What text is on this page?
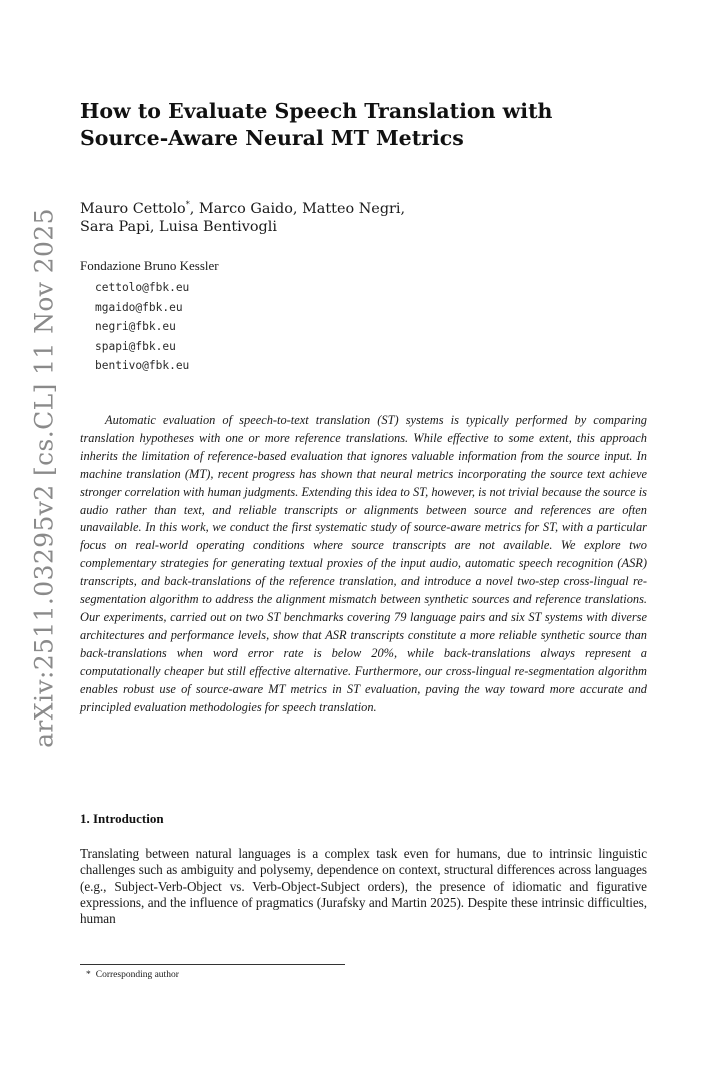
arXiv:2511.03295v2 [cs.CL] 11 Nov 2025
How to Evaluate Speech Translation with
Source-Aware Neural MT Metrics
Mauro Cettolo*, Marco Gaido, Matteo Negri,
Sara Papi, Luisa Bentivogli
Fondazione Bruno Kessler
cettolo@fbk.eu
mgaido@fbk.eu
negri@fbk.eu
spapi@fbk.eu
bentivo@fbk.eu

Automatic evaluation of speech-to-text translation (ST) systems is typically performed by comparing translation hypotheses with one or more reference translations. While effective to some extent, this approach inherits the limitation of reference-based evaluation that ignores valuable information from the source input. In machine translation (MT), recent progress has shown that neural metrics incorporating the source text achieve stronger correlation with human judgments. Extending this idea to ST, however, is not trivial because the source is audio rather than text, and reliable transcripts or alignments between source and references are often unavailable. In this work, we conduct the first systematic study of source-aware metrics for ST, with a particular focus on real-world operating conditions where source transcripts are not available. We explore two complementary strategies for generating textual proxies of the input audio, automatic speech recognition (ASR) transcripts, and back-translations of the reference translation, and introduce a novel two-step cross-lingual re-segmentation algorithm to address the alignment mismatch between synthetic sources and reference translations. Our experiments, carried out on two ST benchmarks covering 79 language pairs and six ST systems with diverse architectures and performance levels, show that ASR transcripts constitute a more reliable synthetic source than back-translations when word error rate is below 20%, while back-translations always represent a computationally cheaper but still effective alternative. Furthermore, our cross-lingual re-segmentation algorithm enables robust use of source-aware MT metrics in ST evaluation, paving the way toward more accurate and principled evaluation methodologies for speech translation.

1. Introduction

Translating between natural languages is a complex task even for humans, due to intrinsic linguistic challenges such as ambiguity and polysemy, dependence on context, structural differences across languages (e.g., Subject-Verb-Object vs. Verb-Object-Subject orders), the presence of idiomatic and figurative expressions, and the influence of pragmatics (Jurafsky and Martin 2025). Despite these intrinsic difficulties, human

* Corresponding author
